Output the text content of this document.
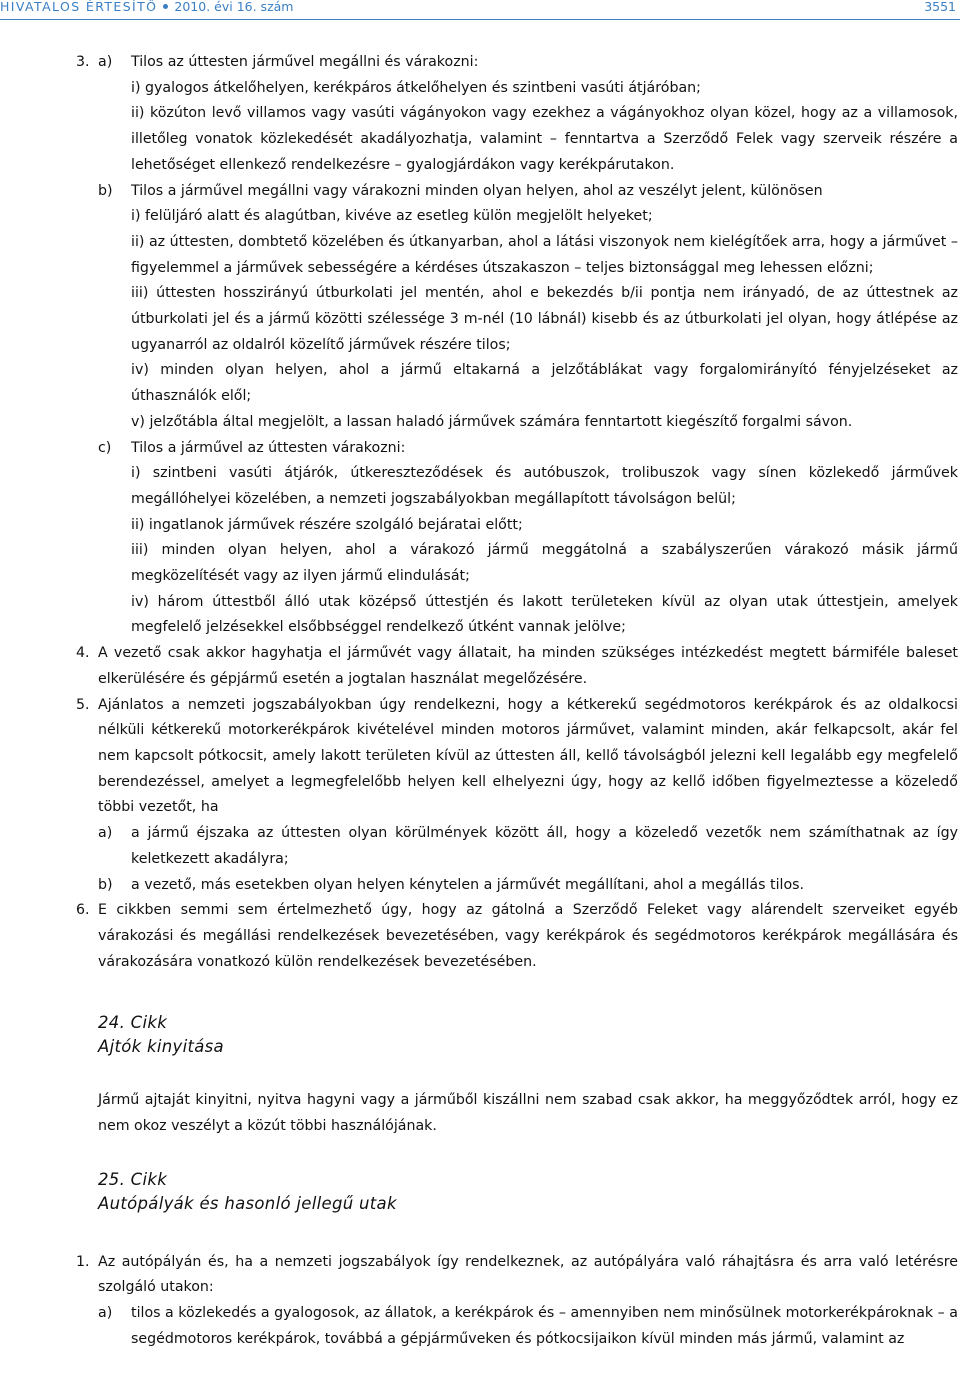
HIVATALOS ÉRTESÍTŐ 2010. évi 16. szám	3551
3. a) Tilos az úttesten járművel megállni és várakozni:
i) gyalogos átkelőhelyen, kerékpáros átkelőhelyen és szintbeni vasúti átjáróban;
ii) közúton levő villamos vagy vasúti vágányokon vagy ezekhez a vágányokhoz olyan közel, hogy az a villamosok, illetőleg vonatok közlekedését akadályozhatja, valamint – fenntartva a Szerződő Felek vagy szerveik részére a lehetőséget ellenkező rendelkezésre – gyalogjárdákon vagy kerékpárutakon.
b) Tilos a járművel megállni vagy várakozni minden olyan helyen, ahol az veszélyt jelent, különösen
i) felüljáró alatt és alagútban, kivéve az esetleg külön megjelölt helyeket;
ii) az úttesten, dombtető közelében és útkanyarban, ahol a látási viszonyok nem kielégítőek arra, hogy a járművet – figyelemmel a járművek sebességére a kérdéses útszakaszon – teljes biztonsággal meg lehessen előzni;
iii) úttesten hosszirányú útburkolati jel mentén, ahol e bekezdés b/ii pontja nem irányadó, de az úttestnek az útburkolati jel és a jármű közötti szélessége 3 m-nél (10 lábnál) kisebb és az útburkolati jel olyan, hogy átlépése az ugyanarról az oldalról közelítő járművek részére tilos;
iv) minden olyan helyen, ahol a jármű eltakarná a jelzőtáblákat vagy forgalomirányító fényjelzéseket az úthasználók elől;
v) jelzőtábla által megjelölt, a lassan haladó járművek számára fenntartott kiegészítő forgalmi sávon.
c) Tilos a járművel az úttesten várakozni:
i) szintbeni vasúti átjárók, útkereszteződések és autóbuszok, trolibuszok vagy sínen közlekedő járművek megállóhelyei közelében, a nemzeti jogszabályokban megállapított távolságon belül;
ii) ingatlanok járművek részére szolgáló bejáratai előtt;
iii) minden olyan helyen, ahol a várakozó jármű meggátolná a szabályszerűen várakozó másik jármű megközelítését vagy az ilyen jármű elindulását;
iv) három úttestből álló utak középső úttestjén és lakott területeken kívül az olyan utak úttestjein, amelyek megfelelő jelzésekkel elsőbbséggel rendelkező útként vannak jelölve;
4. A vezető csak akkor hagyhatja el járművét vagy állatait, ha minden szükséges intézkedést megtett bármiféle baleset elkerülésére és gépjármű esetén a jogtalan használat megelőzésére.
5. Ajánlatos a nemzeti jogszabályokban úgy rendelkezni, hogy a kétkerekű segédmotoros kerékpárok és az oldalkocsi nélküli kétkerekű motorkerékpárok kivételével minden motoros járművet, valamint minden, akár felkapcsolt, akár fel nem kapcsolt pótkocsit, amely lakott területen kívül az úttesten áll, kellő távolságból jelezni kell legalább egy megfelelő berendezéssel, amelyet a legmegfelelőbb helyen kell elhelyezni úgy, hogy az kellő időben figyelmeztesse a közeledő többi vezetőt, ha
a) a jármű éjszaka az úttesten olyan körülmények között áll, hogy a közeledő vezetők nem számíthatnak az így keletkezett akadályra;
b) a vezető, más esetekben olyan helyen kénytelen a járművét megállítani, ahol a megállás tilos.
6. E cikkben semmi sem értelmezhető úgy, hogy az gátolná a Szerződő Feleket vagy alárendelt szerveiket egyéb várakozási és megállási rendelkezések bevezetésében, vagy kerékpárok és segédmotoros kerékpárok megállására és várakozására vonatkozó külön rendelkezések bevezetésében.
24. Cikk
Ajtók kinyitása
Jármű ajtaját kinyitni, nyitva hagyni vagy a járműből kiszállni nem szabad csak akkor, ha meggyőződtek arról, hogy ez nem okoz veszélyt a közút többi használójának.
25. Cikk
Autópályák és hasonló jellegű utak
1. Az autópályán és, ha a nemzeti jogszabályok így rendelkeznek, az autópályára való ráhajtásra és arra való letérésre szolgáló utakon:
a) tilos a közlekedés a gyalogosok, az állatok, a kerékpárok és – amennyiben nem minősülnek motorkerékpároknak – a segédmotoros kerékpárok, továbbá a gépjárműveken és pótkocsijaikon kívül minden más jármű, valamint az
